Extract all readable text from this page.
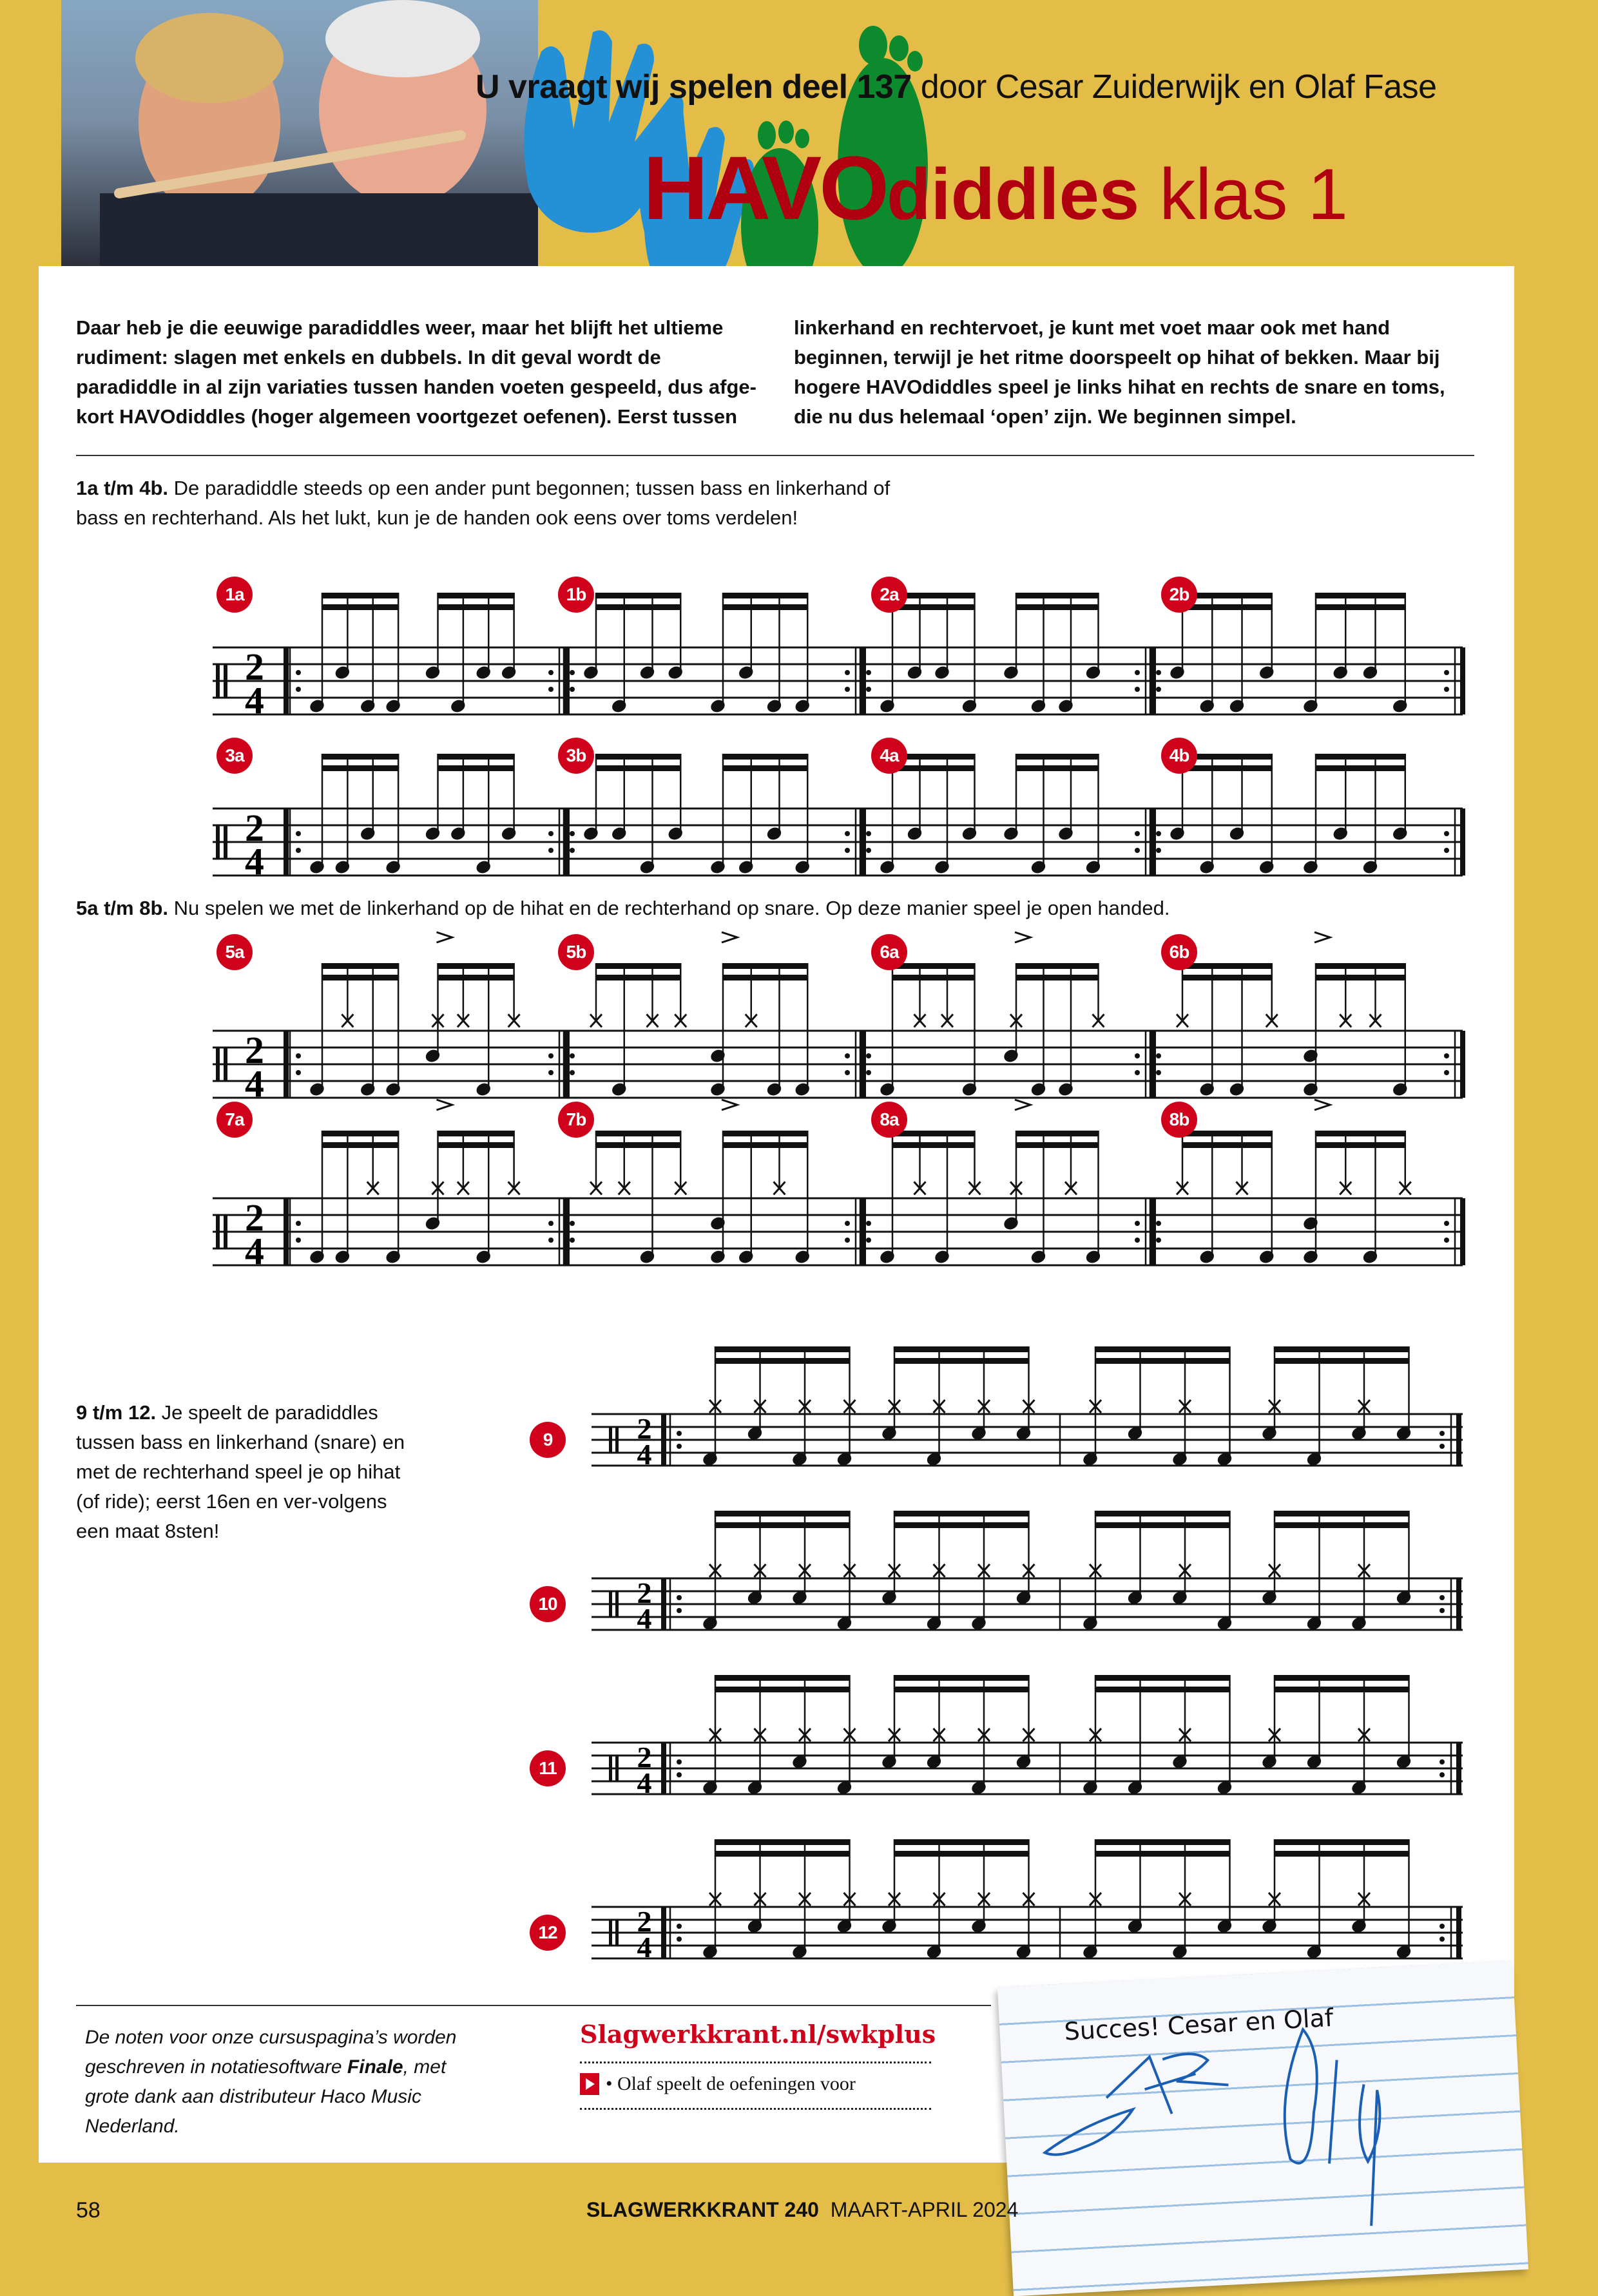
U vraagt wij spelen deel 137 door Cesar Zuiderwijk en Olaf Fase
HAVOdiddles klas 1
Daar heb je die eeuwige paradiddles weer, maar het blijft het ultieme rudiment: slagen met enkels en dubbels. In dit geval wordt de paradiddle in al zijn variaties tussen handen voeten gespeeld, dus afge-kort HAVOdiddles (hoger algemeen voortgezet oefenen). Eerst tussen
linkerhand en rechtervoet, je kunt met voet maar ook met hand beginnen, terwijl je het ritme doorspeelt op hihat of bekken. Maar bij hogere HAVOdiddles speel je links hihat en rechts de snare en toms, die nu dus helemaal ‘open’ zijn. We beginnen simpel.
1a t/m 4b. De paradiddle steeds op een ander punt begonnen; tussen bass en linkerhand of bass en rechterhand. Als het lukt, kun je de handen ook eens over toms verdelen!
5a t/m 8b. Nu spelen we met de linkerhand op de hihat en de rechterhand op snare. Op deze manier speel je open handed.
9 t/m 12. Je speelt de paradiddles tussen bass en linkerhand (snare) en met de rechterhand speel je op hihat (of ride); eerst 16en en ver-volgens een maat 8sten!
2
4
2
4
2
4
2
4
2
4
2
4
2
4
2
4
De noten voor onze cursuspagina’s worden geschreven in notatiesoftware Finale, met grote dank aan distributeur Haco Music Nederland.
Slagwerkkrant.nl/swkplus
• Olaf speelt de oefeningen voor
Succes! Cesar en Olaf
58	SLAGWERKKRANT 240 MAART-APRIL 2024
1a	1b	2a	2b
3a	3b	4a	4b
5a	5b	6a	6b
7a	7b	8a	8b
9
10
11
12
